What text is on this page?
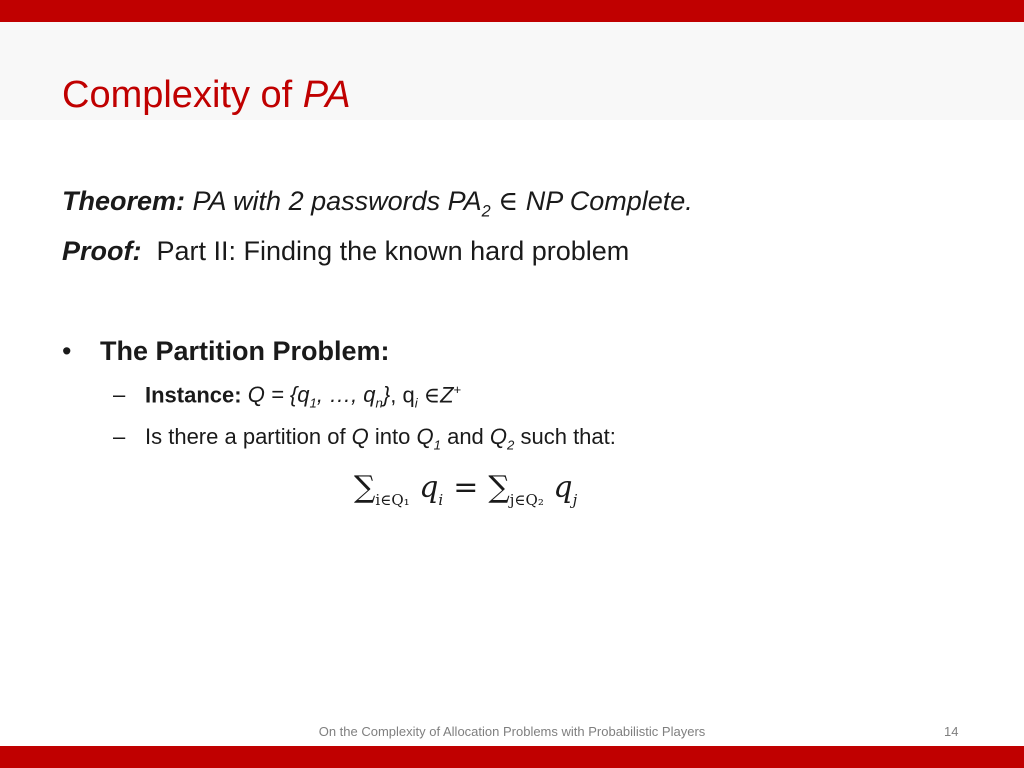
Complexity of PA
Theorem: PA with 2 passwords $PA_2$ ∈ NP Complete.
Proof: Part II: Finding the known hard problem
• The Partition Problem:
– Instance: $Q = \{q_1$, …, $q_n$}, $q_i$ ∈Z+
– Is there a partition of Q into $Q_1$ and $Q_2$ such that:
$\sum_{i\in Q_1}$ $q_i = \sum_{j\in Q_2}$ $q_j$
On the Complexity of Allocation Problems with Probabilistic Players	14
